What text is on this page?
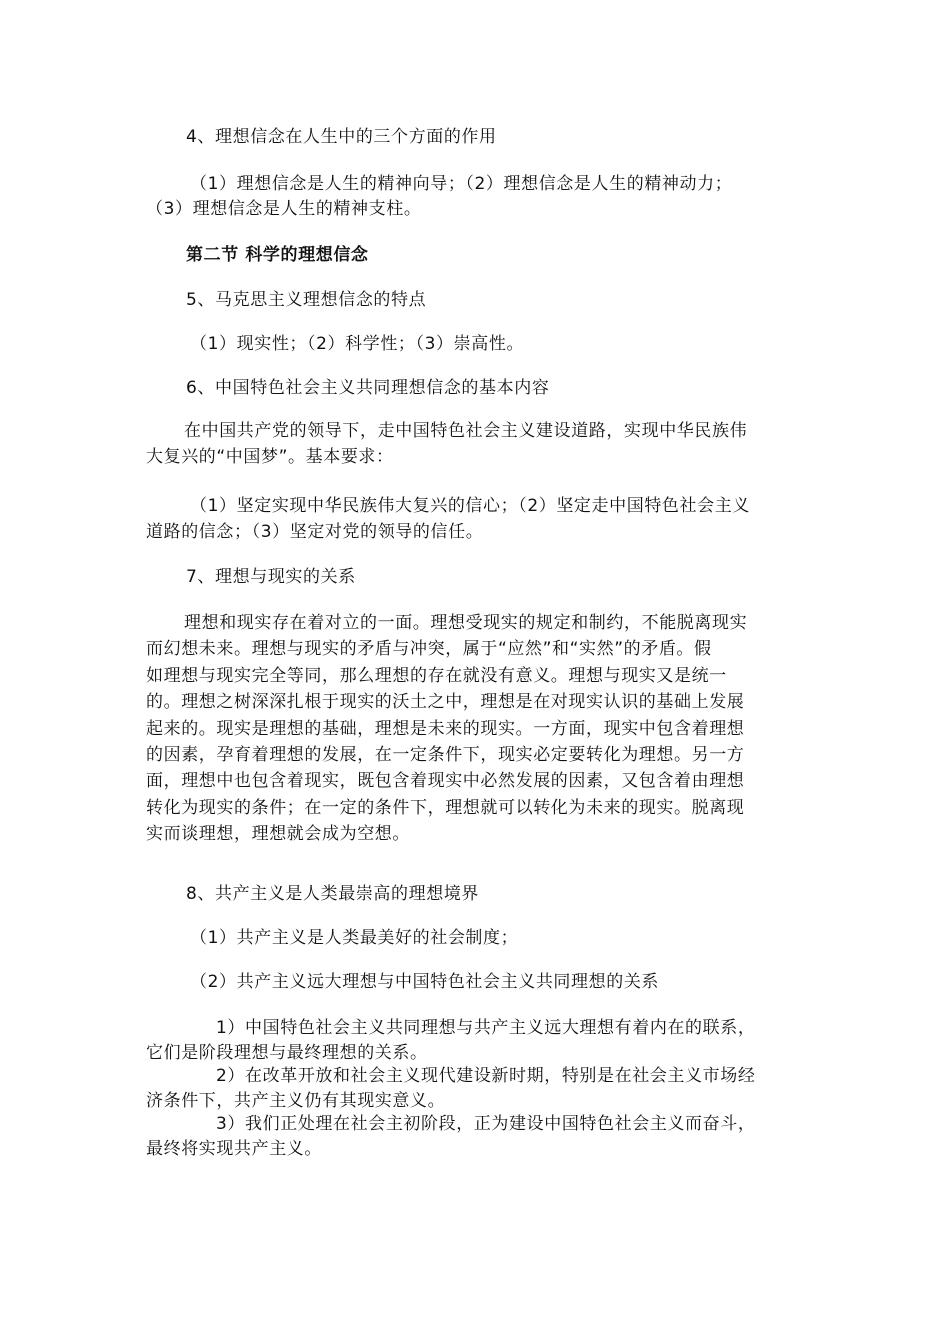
4、理想信念在人生中的三个方面的作用
（1）理想信念是人生的精神向导；（2）理想信念是人生的精神动力；
（3）理想信念是人生的精神支柱。
第二节 科学的理想信念
5、马克思主义理想信念的特点
（1）现实性；（2）科学性；（3）崇高性。
6、中国特色社会主义共同理想信念的基本内容
在中国共产党的领导下，走中国特色社会主义建设道路，实现中华民族伟
大复兴的“中国梦”。基本要求：
（1）坚定实现中华民族伟大复兴的信心；（2）坚定走中国特色社会主义
道路的信念；（3）坚定对党的领导的信任。
7、理想与现实的关系
理想和现实存在着对立的一面。理想受现实的规定和制约，不能脱离现实
而幻想未来。理想与现实的矛盾与冲突，属于“应然”和“实然”的矛盾。假
如理想与现实完全等同，那么理想的存在就没有意义。理想与现实又是统一
的。理想之树深深扎根于现实的沃土之中，理想是在对现实认识的基础上发展
起来的。现实是理想的基础，理想是未来的现实。一方面，现实中包含着理想
的因素，孕育着理想的发展，在一定条件下，现实必定要转化为理想。另一方
面，理想中也包含着现实，既包含着现实中必然发展的因素，又包含着由理想
转化为现实的条件；在一定的条件下，理想就可以转化为未来的现实。脱离现
实而谈理想，理想就会成为空想。
8、共产主义是人类最崇高的理想境界
（1）共产主义是人类最美好的社会制度；
（2）共产主义远大理想与中国特色社会主义共同理想的关系
1）中国特色社会主义共同理想与共产主义远大理想有着内在的联系，
它们是阶段理想与最终理想的关系。
2）在改革开放和社会主义现代建设新时期，特别是在社会主义市场经
济条件下，共产主义仍有其现实意义。
3）我们正处理在社会主初阶段，正为建设中国特色社会主义而奋斗，
最终将实现共产主义。
